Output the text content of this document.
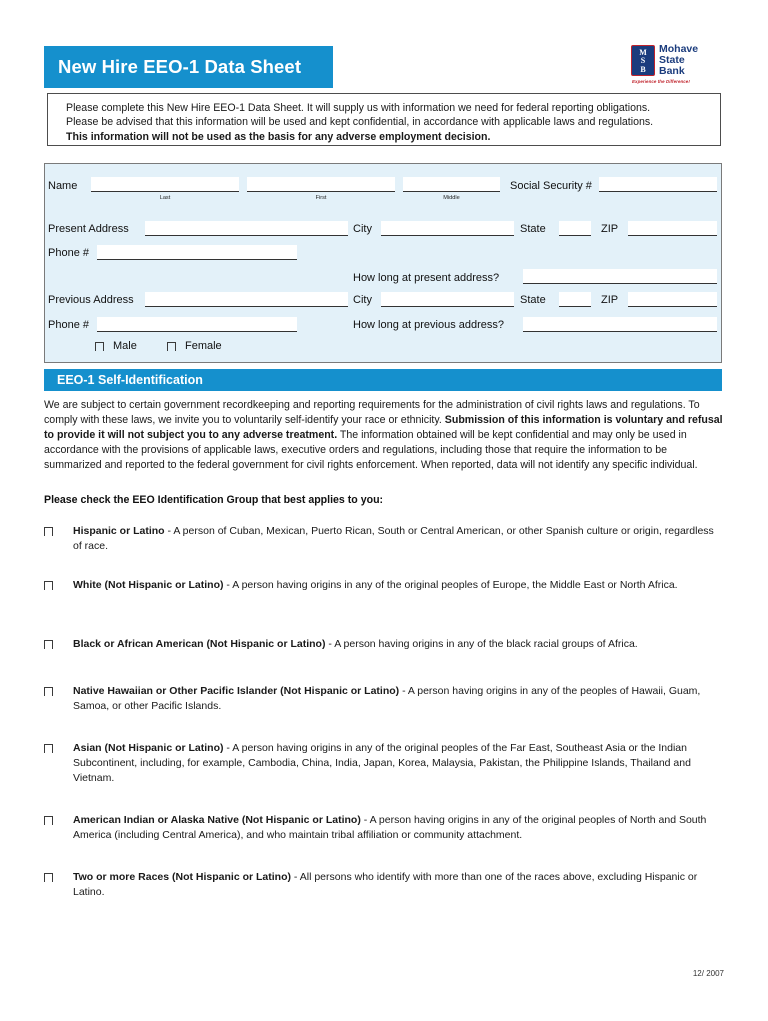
New Hire EEO-1 Data Sheet
M
S
B
Mohave
State
Bank
Experience the Difference!

Please complete this New Hire EEO-1 Data Sheet. It will supply us with information we need for federal reporting obligations.

Please be advised that this information will be used and kept confidential, in accordance with applicable laws and regulations.

This information will not be used as the basis for any adverse employment decision.

Name
Last	First	Middle
Social Security #
Present Address	City	State	ZIP
Phone #
How long at present address?
Previous Address	City	State	ZIP
Phone #	How long at previous address?
Male	Female
EEO-1 Self-Identification
We are subject to certain government recordkeeping and reporting requirements for the administration of civil rights laws and regulations. To comply with these laws, we invite you to voluntarily self-identify your race or ethnicity. Submission of this information is voluntary and refusal to provide it will not subject you to any adverse treatment. The information obtained will be kept confidential and may only be used in accordance with the provisions of applicable laws, executive orders and regulations, including those that require the information to be summarized and reported to the federal government for civil rights enforcement. When reported, data will not identify any specific individual.
Please check the EEO Identification Group that best applies to you:
Hispanic or Latino - A person of Cuban, Mexican, Puerto Rican, South or Central American, or other Spanish culture or origin, regardless of race.
White (Not Hispanic or Latino) - A person having origins in any of the original peoples of Europe, the Middle East or North Africa.
Black or African American (Not Hispanic or Latino) - A person having origins in any of the black racial groups of Africa.
Native Hawaiian or Other Pacific Islander (Not Hispanic or Latino) - A person having origins in any of the peoples of Hawaii, Guam, Samoa, or other Pacific Islands.
Asian (Not Hispanic or Latino) - A person having origins in any of the original peoples of the Far East, Southeast Asia or the Indian Subcontinent, including, for example, Cambodia, China, India, Japan, Korea, Malaysia, Pakistan, the Philippine Islands, Thailand and Vietnam.
American Indian or Alaska Native (Not Hispanic or Latino) - A person having origins in any of the original peoples of North and South America (including Central America), and who maintain tribal affiliation or community attachment.
Two or more Races (Not Hispanic or Latino) - All persons who identify with more than one of the races above, excluding Hispanic or Latino.
12/ 2007
